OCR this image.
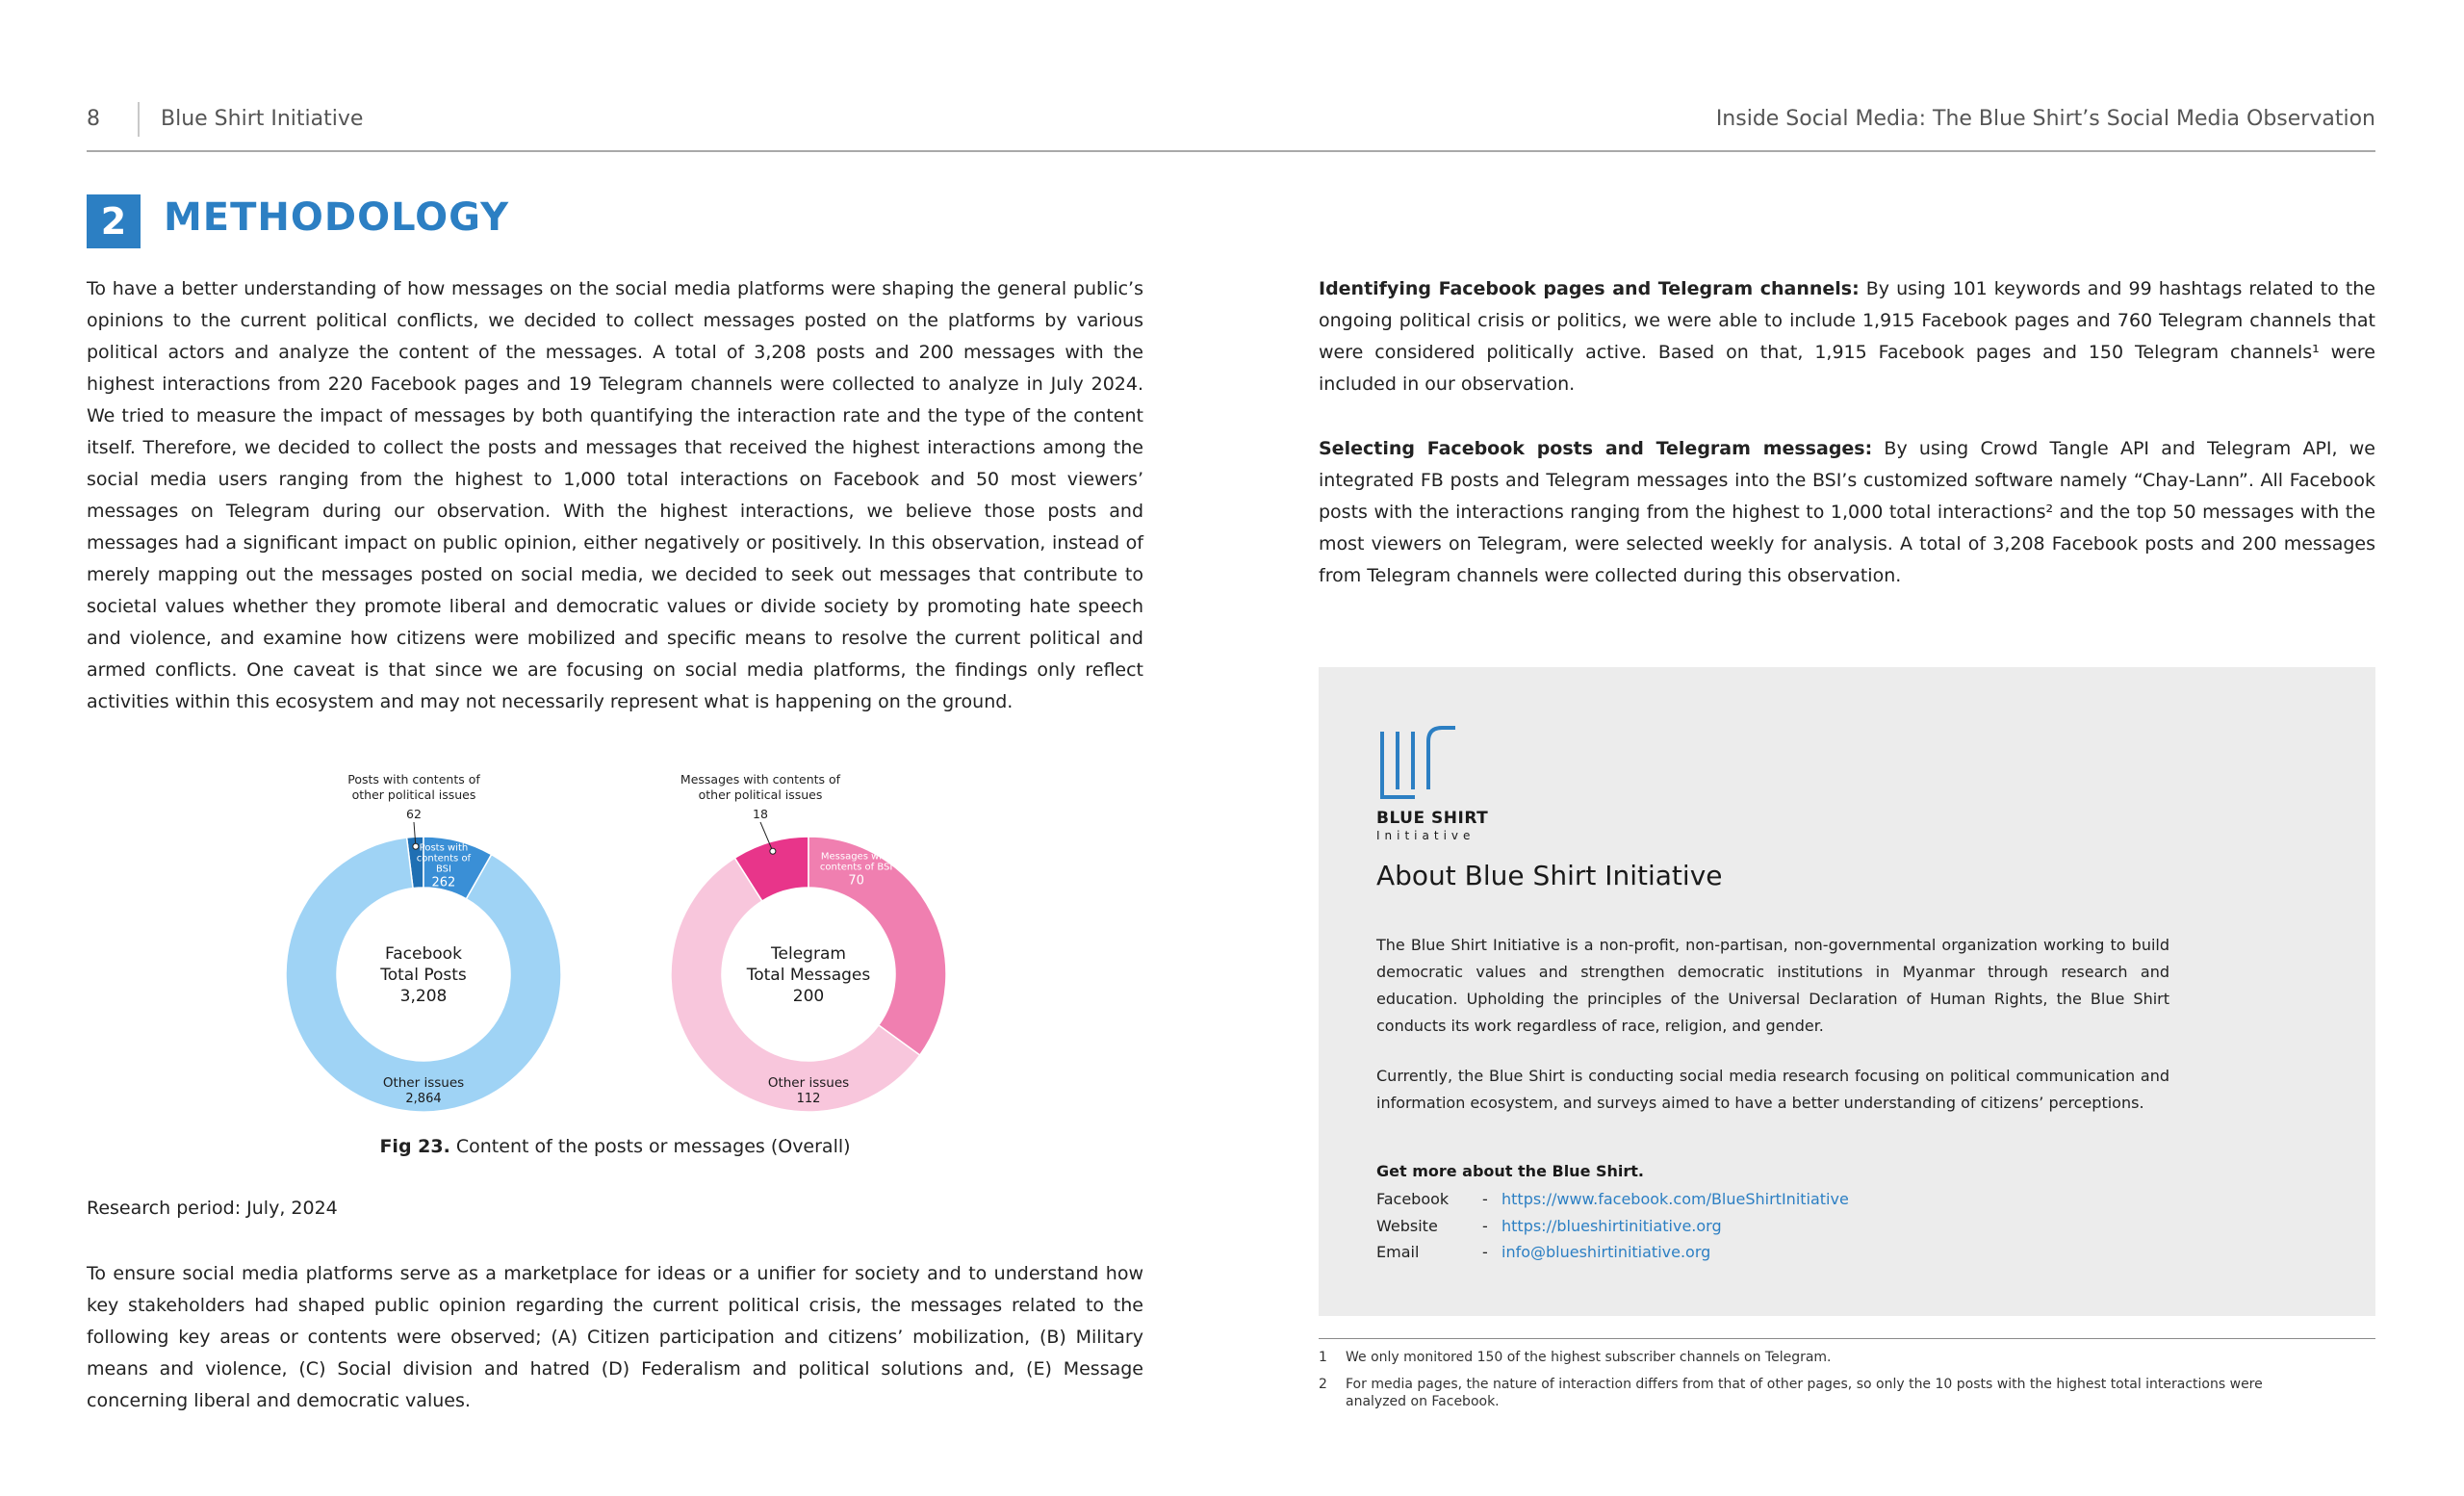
8	Blue Shirt Initiative	Inside Social Media: The Blue Shirt’s Social Media Observation
2 METHODOLOGY
To have a better understanding of how messages on the social media platforms were shaping the general public’s opinions to the current political conflicts, we decided to collect messages posted on the platforms by various political actors and analyze the content of the messages. A total of 3,208 posts and 200 messages with the highest interactions from 220 Facebook pages and 19 Telegram channels were collected to analyze in July 2024. We tried to measure the impact of messages by both quantifying the interaction rate and the type of the content itself. Therefore, we decided to collect the posts and messages that received the highest interactions among the social media users ranging from the highest to 1,000 total interactions on Facebook and 50 most viewers’ messages on Telegram during our observation. With the highest interactions, we believe those posts and messages had a significant impact on public opinion, either negatively or positively. In this observation, instead of merely mapping out the messages posted on social media, we decided to seek out messages that contribute to societal values whether they promote liberal and democratic values or divide society by promoting hate speech and violence, and examine how citizens were mobilized and specific means to resolve the current political and armed conflicts. One caveat is that since we are focusing on social media platforms, the findings only reflect activities within this ecosystem and may not necessarily represent what is happening on the ground.
Facebook
Total Posts
3,208
Posts with contents of
other political issues
62
Posts with
contents of
BSI
262
Other issues
2,864
Telegram
Total Messages
200
Messages with contents of
other political issues
18
Messages with
contents of BSI
70
Other issues
112
Fig 23. Content of the posts or messages (Overall)
Research period: July, 2024
To ensure social media platforms serve as a marketplace for ideas or a unifier for society and to understand how key stakeholders had shaped public opinion regarding the current political crisis, the messages related to the following key areas or contents were observed; (A) Citizen participation and citizens’ mobilization, (B) Military means and violence, (C) Social division and hatred (D) Federalism and political solutions and, (E) Message concerning liberal and democratic values.
Identifying Facebook pages and Telegram channels: By using 101 keywords and 99 hashtags related to the ongoing political crisis or politics, we were able to include 1,915 Facebook pages and 760 Telegram channels that were considered politically active. Based on that, 1,915 Facebook pages and 150 Telegram channels¹ were included in our observation.
Selecting Facebook posts and Telegram messages: By using Crowd Tangle API and Telegram API, we integrated FB posts and Telegram messages into the BSI’s customized software namely “Chay-Lann”. All Facebook posts with the interactions ranging from the highest to 1,000 total interactions² and the top 50 messages with the most viewers on Telegram, were selected weekly for analysis. A total of 3,208 Facebook posts and 200 messages from Telegram channels were collected during this observation.
BLUE SHIRT
Initiative
About Blue Shirt Initiative
The Blue Shirt Initiative is a non-profit, non-partisan, non-governmental organization working to build democratic values and strengthen democratic institutions in Myanmar through research and education. Upholding the principles of the Universal Declaration of Human Rights, the Blue Shirt conducts its work regardless of race, religion, and gender.
Currently, the Blue Shirt is conducting social media research focusing on political communication and information ecosystem, and surveys aimed to have a better understanding of citizens’ perceptions.
Get more about the Blue Shirt.
Facebook	- https://www.facebook.com/BlueShirtInitiative
Website	- https://blueshirtinitiative.org
Email	- info@blueshirtinitiative.org
1	We only monitored 150 of the highest subscriber channels on Telegram.
2	For media pages, the nature of interaction differs from that of other pages, so only the 10 posts with the highest total interactions were analyzed on Facebook.
